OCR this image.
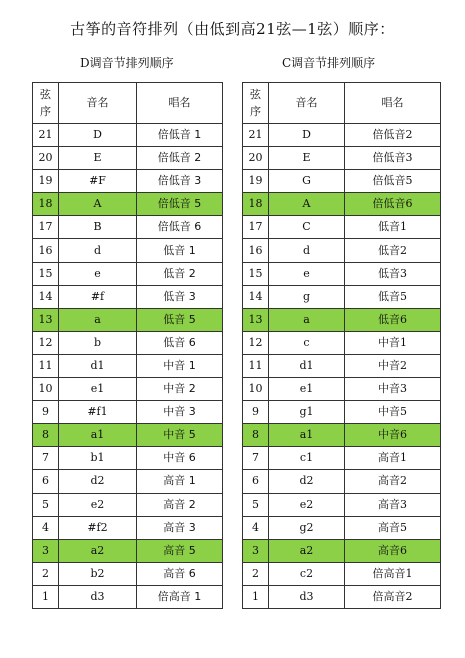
古筝的音符排列（由低到高21弦—1弦）顺序：
D调音节排列顺序	C调音节排列顺序
弦
序	音名	唱名
21	D	倍低音 1
20	E	倍低音 2
19	#F	倍低音 3
18	A	倍低音 5
17	B	倍低音 6
16	d	低音 1
15	e	低音 2
14	#f	低音 3
13	a	低音 5
12	b	低音 6
11	d1	中音 1
10	e1	中音 2
9	#f1	中音 3
8	a1	中音 5
7	b1	中音 6
6	d2	高音 1
5	e2	高音 2
4	#f2	高音 3
3	a2	高音 5
2	b2	高音 6
1	d3	倍高音 1
弦
序	音名	唱名
21	D	倍低音2
20	E	倍低音3
19	G	倍低音5
18	A	倍低音6
17	C	低音1
16	d	低音2
15	e	低音3
14	g	低音5
13	a	低音6
12	c	中音1
11	d1	中音2
10	e1	中音3
9	g1	中音5
8	a1	中音6
7	c1	高音1
6	d2	高音2
5	e2	高音3
4	g2	高音5
3	a2	高音6
2	c2	倍高音1
1	d3	倍高音2
